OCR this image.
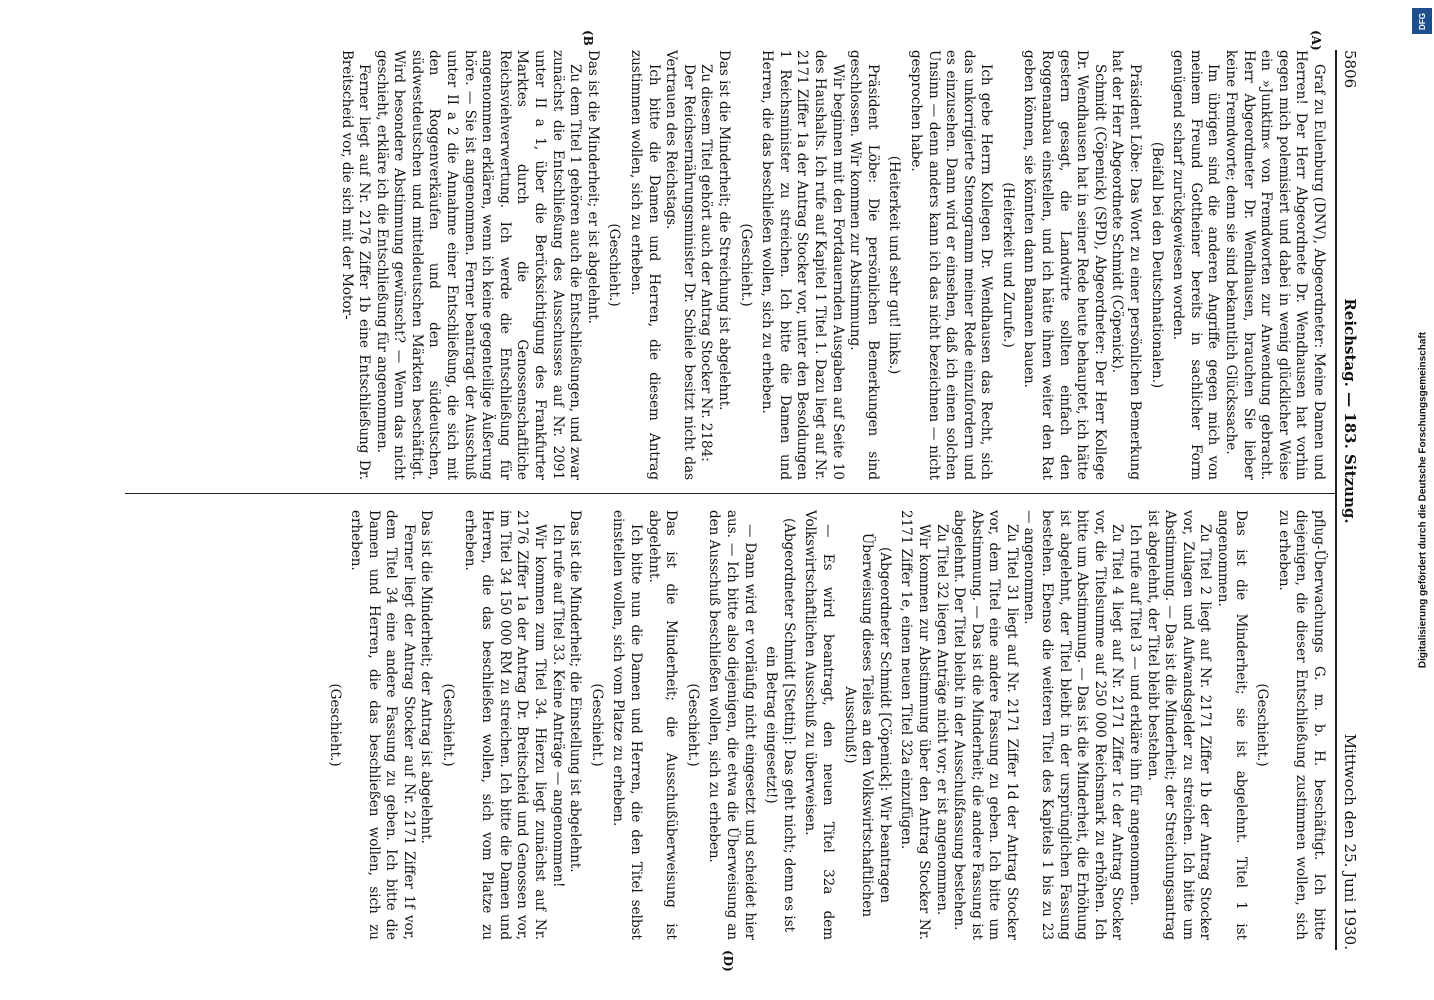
5806
Reichstag. — 183. Sitzung.
Mittwoch den 25. Juni 1930.
(A)
(B
(D)

Graf zu Eulenburg (DNV), Abgeordneter: Meine Damen und Herren! Der Herr Abgeordnete Dr. Wendhausen hat vorhin gegen mich polemisiert und dabei in wenig glücklicher Weise ein »Junktim« von Fremdworten zur Anwendung gebracht. Herr Abgeordneter Dr. Wendhausen, brauchen Sie lieber keine Fremdworte; denn sie sind bekanntlich Glückssache.

Im übrigen sind die anderen Angriffe gegen mich von meinem Freund Gottheiner bereits in sachlicher Form genügend scharf zurückgewiesen worden.

(Beifall bei den Deutschnationalen.)

Präsident Löbe: Das Wort zu einer persönlichen Bemerkung hat der Herr Abgeordnete Schmidt (Cöpenick).

Schmidt (Cöpenick) (SPD), Abgeordneter: Der Herr Kollege Dr. Wendhausen hat in seiner Rede heute behauptet, ich hätte gestern gesagt, die Landwirte sollten einfach den Roggenanbau einstellen, und ich hätte ihnen weiter den Rat geben können, sie könnten dann Bananen bauen.

(Heiterkeit und Zurufe.)

Ich gebe Herrn Kollegen Dr. Wendhausen das Recht, sich das unkorrigierte Stenogramm meiner Rede einzufordern und es einzusehen. Dann wird er einsehen, daß ich einen solchen Unsinn — denn anders kann ich das nicht bezeichnen — nicht gesprochen habe.

(Heiterkeit und sehr gut! links.)

Präsident Löbe: Die persönlichen Bemerkungen sind geschlossen. Wir kommen zur Abstimmung.

Wir beginnen mit den Fortdauernden Ausgaben auf Seite 10 des Haushalts. Ich rufe auf Kapitel 1 Titel 1. Dazu liegt auf Nr. 2171 Ziffer 1a der Antrag Stocker vor, unter den Besoldungen 1 Reichsminister zu streichen. Ich bitte die Damen und Herren, die das beschließen wollen, sich zu erheben.

(Geschieht.)

Das ist die Minderheit; die Streichung ist abgelehnt.

Zu diesem Titel gehört auch der Antrag Stocker Nr. 2184:

Der Reichsernährungsminister Dr. Schiele besitzt nicht das Vertrauen des Reichstags.

Ich bitte die Damen und Herren, die diesem Antrag zustimmen wollen, sich zu erheben.

(Geschieht.)

Das ist die Minderheit; er ist abgelehnt.

Zu dem Titel 1 gehören auch die Entschließungen, und zwar zunächst die Entschließung des Ausschusses auf Nr. 2091 unter II a 1, über die Berücksichtigung des Frankfurter Marktes durch die Genossenschaftliche Reichsviehverwertung. Ich werde die Entschließung für angenommen erklären, wenn ich keine gegenteilige Äußerung höre. — Sie ist angenommen. Ferner beantragt der Ausschuß unter II a 2 die Annahme einer Entschließung, die sich mit den Roggenverkäufen und den süddeutschen, südwestdeutschen und mitteldeutschen Märkten beschäftigt. Wird besondere Abstimmung gewünscht? — Wenn das nicht geschieht, erkläre ich die Entschließung für angenommen.

Ferner liegt auf Nr. 2176 Ziffer 1b eine Entschließung Dr. Breitscheid vor, die sich mit der Motor-

pflug-Überwachungs G. m. b. H. beschäftigt. Ich bitte diejenigen, die dieser Entschließung zustimmen wollen, sich zu erheben.

(Geschieht.)

Das ist die Minderheit; sie ist abgelehnt. Titel 1 ist angenommen.

Zu Titel 2 liegt auf Nr. 2171 Ziffer 1b der Antrag Stocker vor, Zulagen und Aufwandsgelder zu streichen. Ich bitte um Abstimmung. — Das ist die Minderheit; der Streichungsantrag ist abgelehnt, der Titel bleibt bestehen.

Ich rufe auf Titel 3 — und erkläre ihn für angenommen.

Zu Titel 4 liegt auf Nr. 2171 Ziffer 1c der Antrag Stocker vor, die Titelsumme auf 250 000 Reichsmark zu erhöhen. Ich bitte um Abstimmung. — Das ist die Minderheit, die Erhöhung ist abgelehnt, der Titel bleibt in der ursprünglichen Fassung bestehen. Ebenso die weiteren Titel des Kapitels 1 bis zu 23 — angenommen.

Zu Titel 31 liegt auf Nr. 2171 Ziffer 1d der Antrag Stocker vor, dem Titel eine andere Fassung zu geben. Ich bitte um Abstimmung. — Das ist die Minderheit; die andere Fassung ist abgelehnt. Der Titel bleibt in der Ausschußfassung bestehen.

Zu Titel 32 liegen Anträge nicht vor; er ist angenommen.

Wir kommen zur Abstimmung über den Antrag Stocker Nr. 2171 Ziffer 1e, einen neuen Titel 32a einzufügen.

(Abgeordneter Schmidt [Cöpenick]: Wir beantragen Überweisung dieses Teiles an den Volkswirtschaftlichen Ausschuß!)

— Es wird beantragt, den neuen Titel 32a dem Volkswirtschaftlichen Ausschuß zu überweisen.

(Abgeordneter Schmidt [Stettin]: Das geht nicht; denn es ist ein Betrag eingesetzt!)

— Dann wird er vorläufig nicht eingesetzt und scheidet hier aus. — Ich bitte also diejenigen, die etwa die Überweisung an den Ausschuß beschließen wollen, sich zu erheben.

(Geschieht.)

Das ist die Minderheit; die Ausschußüberweisung ist abgelehnt.

Ich bitte nun die Damen und Herren, die den Titel selbst einstellen wollen, sich vom Platze zu erheben.

(Geschieht.)

Das ist die Minderheit; die Einstellung ist abgelehnt.

Ich rufe auf Titel 33. Keine Anträge — angenommen!

Wir kommen zum Titel 34. Hierzu liegt zunächst auf Nr. 2176 Ziffer 1a der Antrag Dr. Breitscheid und Genossen vor, im Titel 34 150 000 RM zu streichen. Ich bitte die Damen und Herren, die das beschließen wollen, sich vom Platze zu erheben.

(Geschieht.)

Das ist die Minderheit; der Antrag ist abgelehnt.

Ferner liegt der Antrag Stocker auf Nr. 2171 Ziffer 1f vor, dem Titel 34 eine andere Fassung zu geben. Ich bitte die Damen und Herren, die das beschließen wollen, sich zu erheben.

(Geschieht.)

Digitalisierung gefördert durch die Deutsche Forschungsgemeinschaft
DFG
